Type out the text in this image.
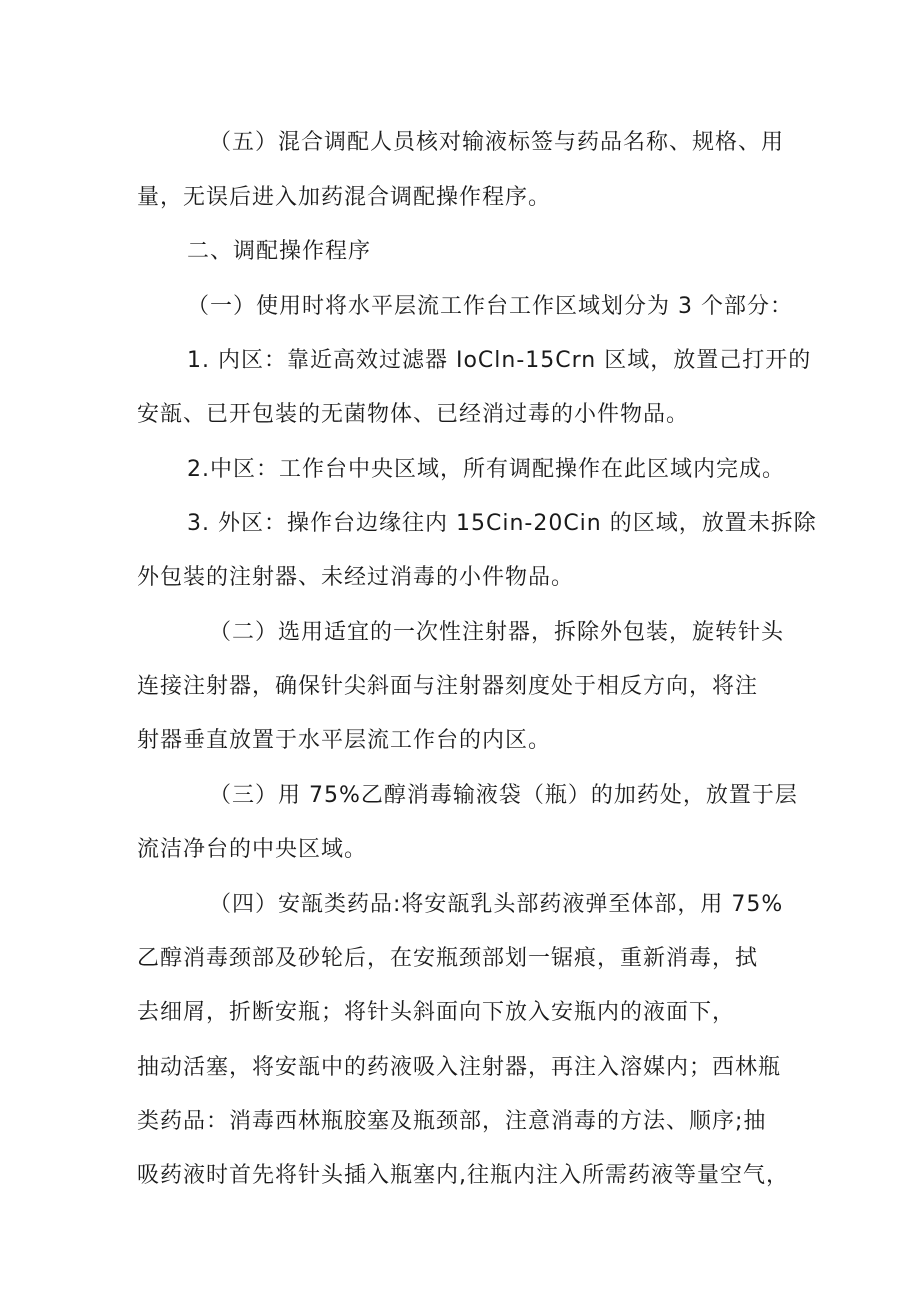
（五）混合调配人员核对输液标签与药品名称、规格、用
量，无误后进入加药混合调配操作程序。
二、调配操作程序
（一）使用时将水平层流工作台工作区域划分为 3 个部分：
1. 内区：靠近高效过滤器 IoCln-15Crn 区域，放置己打开的
安瓿、已开包装的无菌物体、已经消过毒的小件物品。
2.中区：工作台中央区域，所有调配操作在此区域内完成。
3. 外区：操作台边缘往内 15Cin-20Cin 的区域，放置未拆除
外包装的注射器、未经过消毒的小件物品。
（二）选用适宜的一次性注射器，拆除外包装，旋转针头
连接注射器，确保针尖斜面与注射器刻度处于相反方向，将注
射器垂直放置于水平层流工作台的内区。
（三）用 75%乙醇消毒输液袋（瓶）的加药处，放置于层
流洁净台的中央区域。
（四）安瓿类药品:将安瓿乳头部药液弹至体部，用 75%
乙醇消毒颈部及砂轮后，在安瓶颈部划一锯痕，重新消毒，拭
去细屑，折断安瓶；将针头斜面向下放入安瓶内的液面下，
抽动活塞，将安瓿中的药液吸入注射器，再注入溶媒内；西林瓶
类药品：消毒西林瓶胶塞及瓶颈部，注意消毒的方法、顺序;抽
吸药液时首先将针头插入瓶塞内,往瓶内注入所需药液等量空气，
